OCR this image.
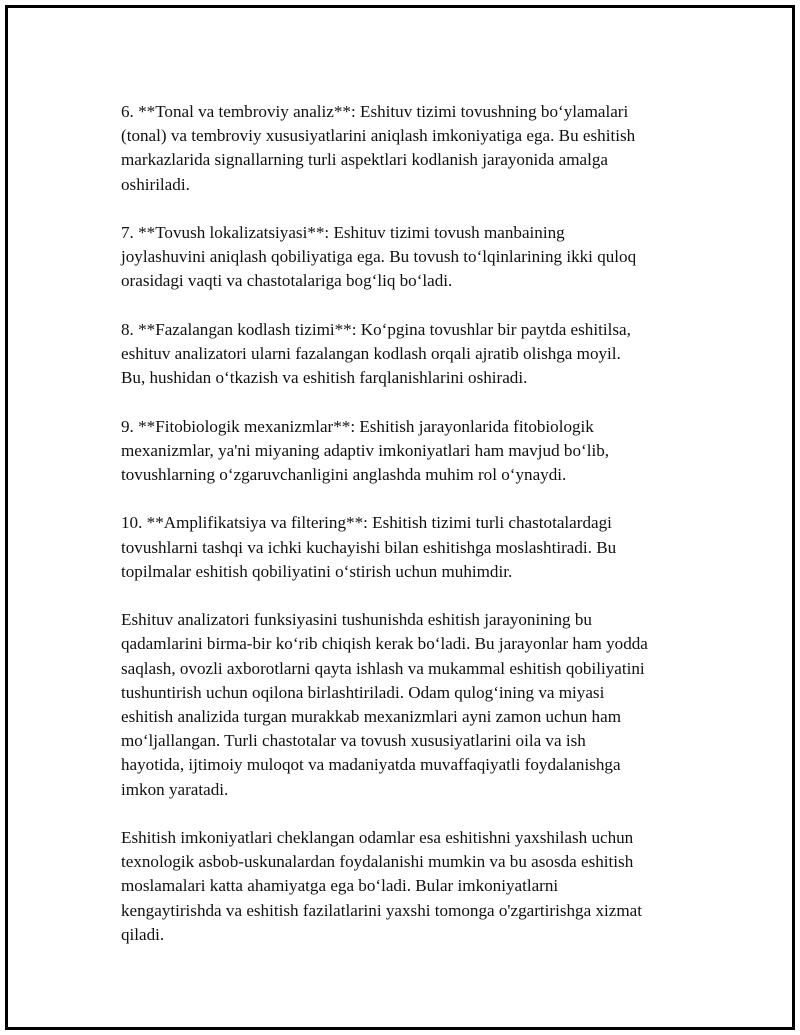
6. **Tonal va tembroviy analiz**: Eshituv tizimi tovushning bo‘ylamalari
(tonal) va tembroviy xususiyatlarini aniqlash imkoniyatiga ega. Bu eshitish
markazlarida signallarning turli aspektlari kodlanish jarayonida amalga
oshiriladi.

7. **Tovush lokalizatsiyasi**: Eshituv tizimi tovush manbaining
joylashuvini aniqlash qobiliyatiga ega. Bu tovush to‘lqinlarining ikki quloq
orasidagi vaqti va chastotalariga bog‘liq bo‘ladi.

8. **Fazalangan kodlash tizimi**: Ko‘pgina tovushlar bir paytda eshitilsa,
eshituv analizatori ularni fazalangan kodlash orqali ajratib olishga moyil.
Bu, hushidan o‘tkazish va eshitish farqlanishlarini oshiradi.

9. **Fitobiologik mexanizmlar**: Eshitish jarayonlarida fitobiologik
mexanizmlar, ya'ni miyaning adaptiv imkoniyatlari ham mavjud bo‘lib,
tovushlarning o‘zgaruvchanligini anglashda muhim rol o‘ynaydi.

10. **Amplifikatsiya va filtering**: Eshitish tizimi turli chastotalardagi
tovushlarni tashqi va ichki kuchayishi bilan eshitishga moslashtiradi. Bu
topilmalar eshitish qobiliyatini o‘stirish uchun muhimdir.

Eshituv analizatori funksiyasini tushunishda eshitish jarayonining bu
qadamlarini birma-bir ko‘rib chiqish kerak bo‘ladi. Bu jarayonlar ham yodda
saqlash, ovozli axborotlarni qayta ishlash va mukammal eshitish qobiliyatini
tushuntirish uchun oqilona birlashtiriladi. Odam qulog‘ining va miyasi
eshitish analizida turgan murakkab mexanizmlari ayni zamon uchun ham
mo‘ljallangan. Turli chastotalar va tovush xususiyatlarini oila va ish
hayotida, ijtimoiy muloqot va madaniyatda muvaffaqiyatli foydalanishga
imkon yaratadi.

Eshitish imkoniyatlari cheklangan odamlar esa eshitishni yaxshilash uchun
texnologik asbob-uskunalardan foydalanishi mumkin va bu asosda eshitish
moslamalari katta ahamiyatga ega bo‘ladi. Bular imkoniyatlarni
kengaytirishda va eshitish fazilatlarini yaxshi tomonga o'zgartirishga xizmat
qiladi.
